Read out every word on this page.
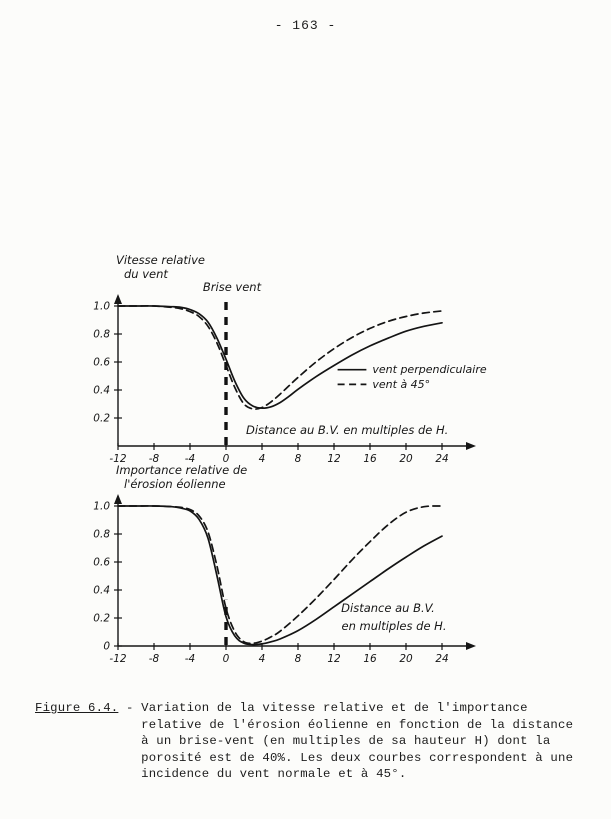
- 163 -
Vitesse relative
du vent
-12 -8 -4	0	4	8 12 16 20 24
1.0
0.8
0.6
0.4
0.2
Brise vent
Distance au B.V. en multiples de H.
vent perpendiculaire
vent à 45°
Importance relative de
l'érosion éolienne
-12 -8 -4	0	4	8 12 16 20 24
1.0
0.8
0.6
0.4
0.2
0
Distance au B.V.
en multiples de H.
Figure 6.4. - Variation de la vitesse relative et de l'importance relative de l'érosion éolienne en fonction de la distance à un brise-vent (en multiples de sa hauteur H) dont la porosité est de 40%. Les deux courbes correspondent à une incidence du vent normale et à 45°.
